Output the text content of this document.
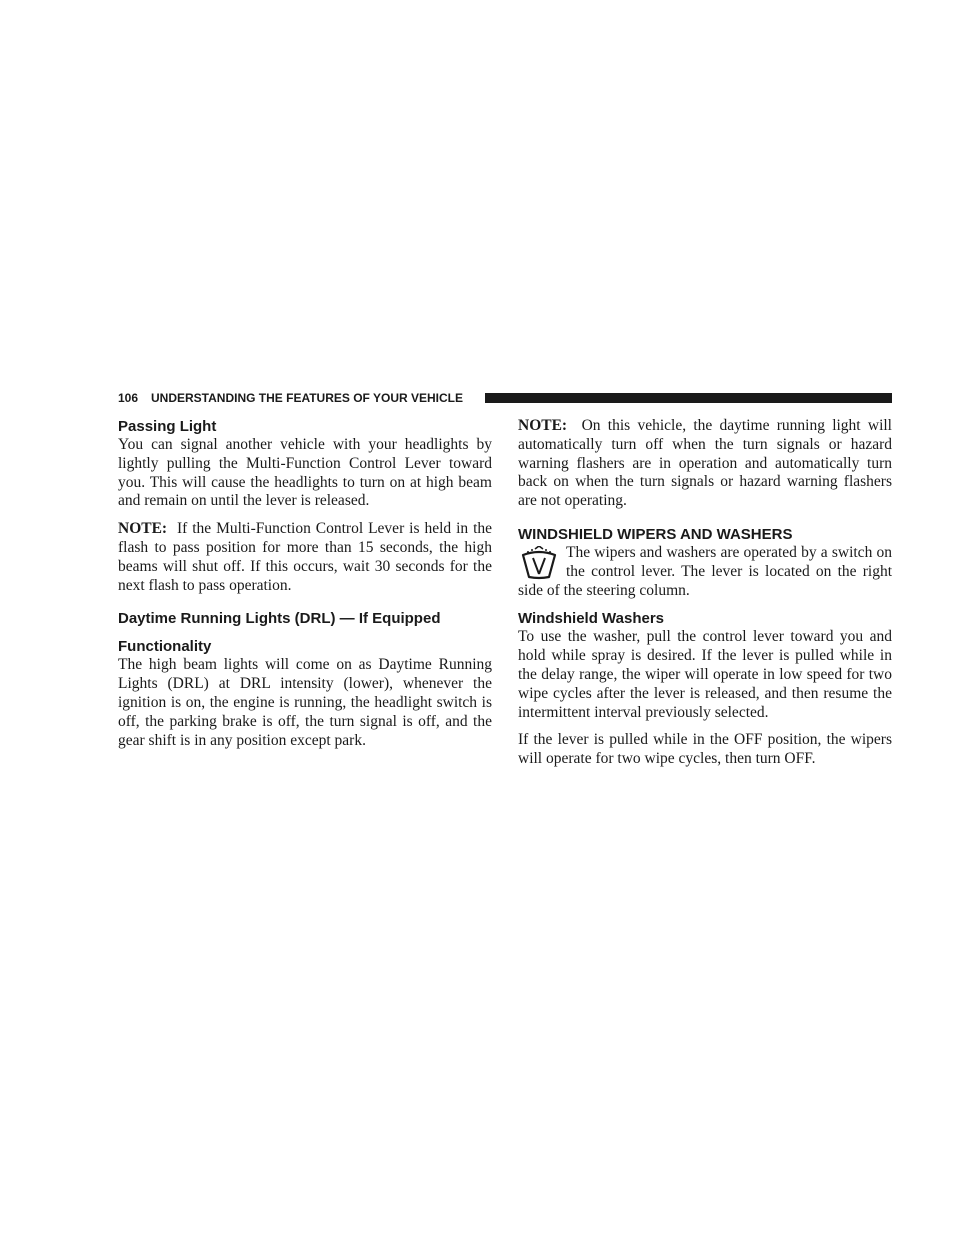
106 UNDERSTANDING THE FEATURES OF YOUR VEHICLE
Passing Light

You can signal another vehicle with your headlights by lightly pulling the Multi-Function Control Lever toward you. This will cause the headlights to turn on at high beam and remain on until the lever is released.

NOTE: If the Multi-Function Control Lever is held in the flash to pass position for more than 15 seconds, the high beams will shut off. If this occurs, wait 30 seconds for the next flash to pass operation.

Daytime Running Lights (DRL) — If Equipped
Functionality

The high beam lights will come on as Daytime Running Lights (DRL) at DRL intensity (lower), whenever the ignition is on, the engine is running, the headlight switch is off, the parking brake is off, the turn signal is off, and the gear shift is in any position except park.

NOTE: On this vehicle, the daytime running light will automatically turn off when the turn signals or hazard warning flashers are in operation and automatically turn back on when the turn signals or hazard warning flashers are not operating.

WINDSHIELD WIPERS AND WASHERS

The wipers and washers are operated by a switch on the control lever. The lever is located on the right side of the steering column.

Windshield Washers

To use the washer, pull the control lever toward you and hold while spray is desired. If the lever is pulled while in the delay range, the wiper will operate in low speed for two wipe cycles after the lever is released, and then resume the intermittent interval previously selected.

If the lever is pulled while in the OFF position, the wipers will operate for two wipe cycles, then turn OFF.
